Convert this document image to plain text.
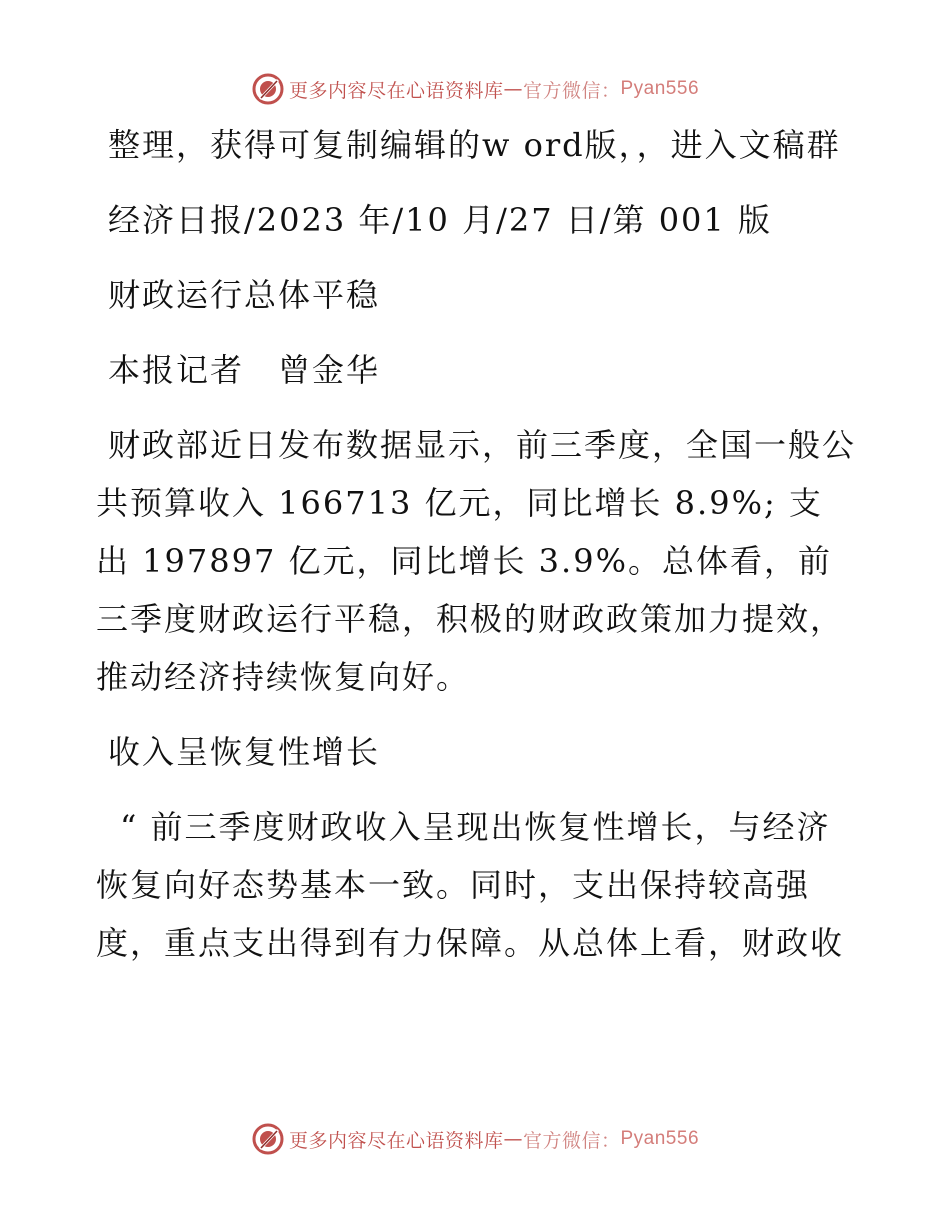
更多内容尽在心语资料库 — 官方微信： Pyan556

整理，获得可复制编辑的w ord版，，进入文稿群

经济日报/2023 年/10 月/27 日/第 001 版

财政运行总体平稳

本报记者　曾金华

财政部近日发布数据显示，前三季度，全国一般公共预算收入 166713 亿元，同比增长 8.9%; 支出 197897 亿元，同比增长 3.9%。总体看，前三季度财政运行平稳，积极的财政政策加力提效，推动经济持续恢复向好。

收入呈恢复性增长

“ 前三季度财政收入呈现出恢复性增长，与经济恢复向好态势基本一致。同时，支出保持较高强度，重点支出得到有力保障。从总体上看，财政收

更多内容尽在心语资料库 — 官方微信： Pyan556
